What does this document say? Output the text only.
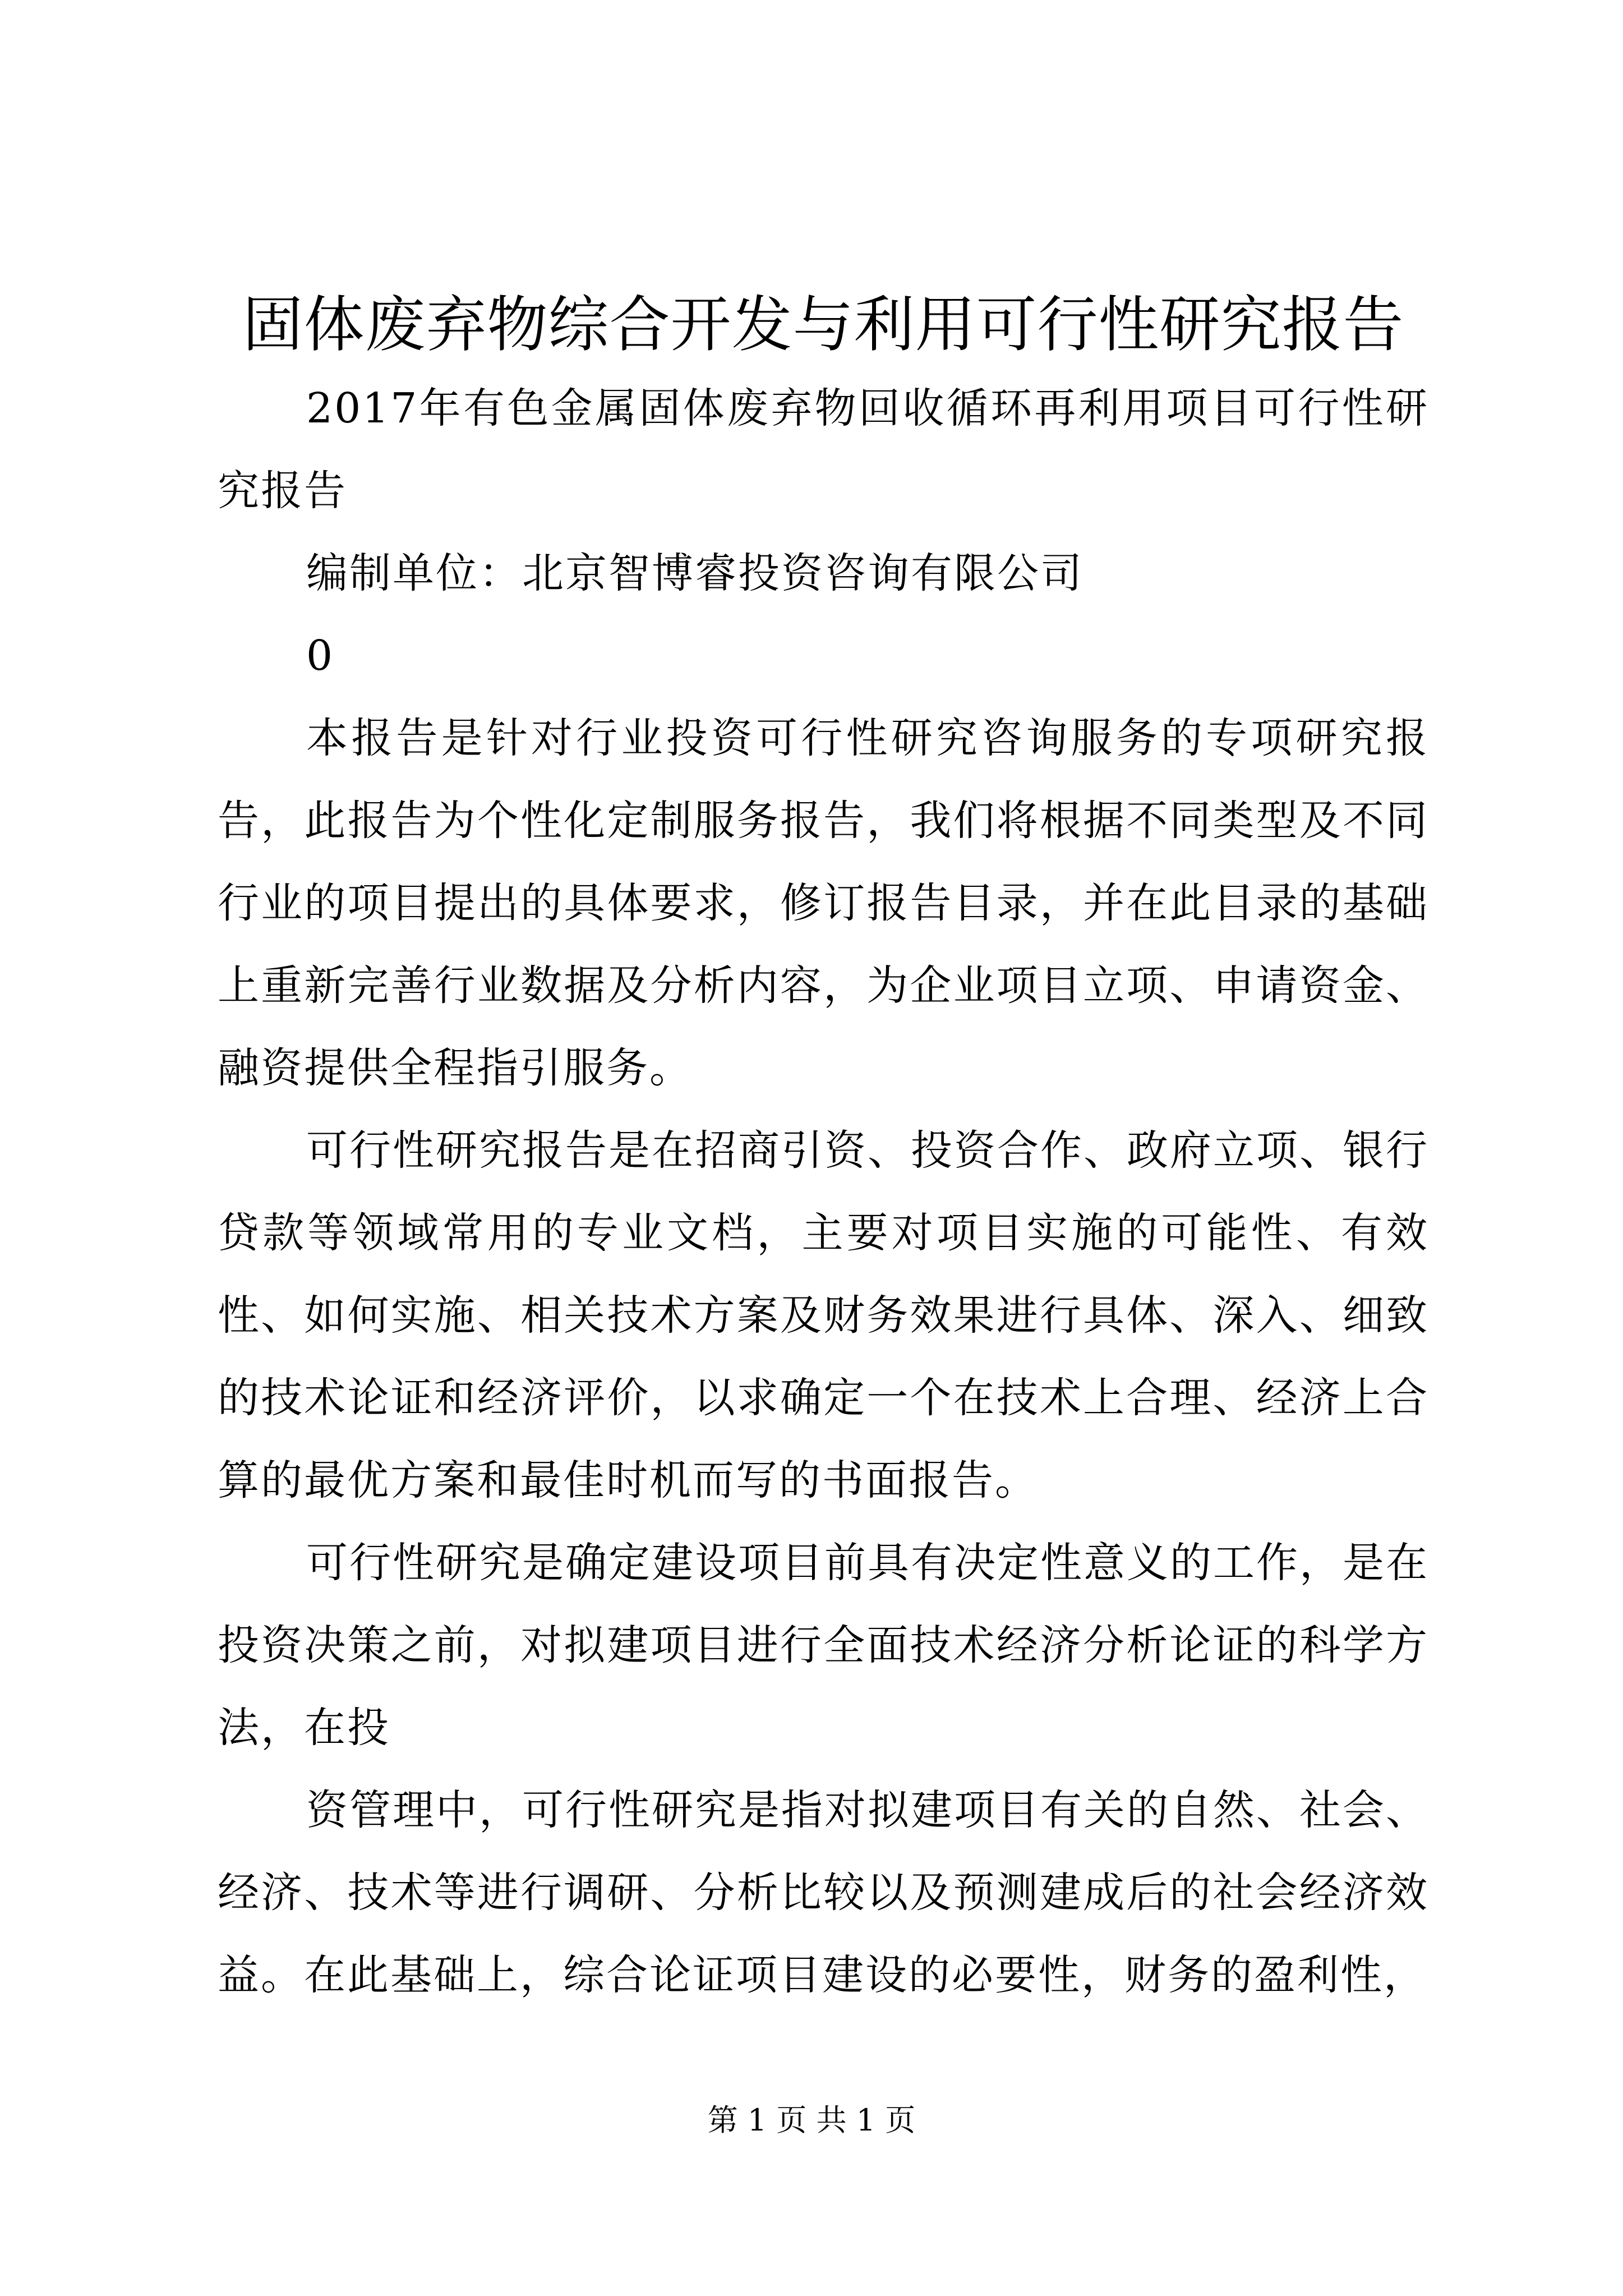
固体废弃物综合开发与利用可行性研究报告

2017年有色金属固体废弃物回收循环再利用项目可行性研究报告

编制单位：北京智博睿投资咨询有限公司

0

本报告是针对行业投资可行性研究咨询服务的专项研究报告，此报告为个性化定制服务报告，我们将根据不同类型及不同行业的项目提出的具体要求，修订报告目录，并在此目录的基础上重新完善行业数据及分析内容，为企业项目立项、申请资金、融资提供全程指引服务。

可行性研究报告是在招商引资、投资合作、政府立项、银行贷款等领域常用的专业文档，主要对项目实施的可能性、有效性、如何实施、相关技术方案及财务效果进行具体、深入、细致的技术论证和经济评价，以求确定一个在技术上合理、经济上合算的最优方案和最佳时机而写的书面报告。

可行性研究是确定建设项目前具有决定性意义的工作，是在投资决策之前，对拟建项目进行全面技术经济分析论证的科学方法，在投

资管理中，可行性研究是指对拟建项目有关的自然、社会、经济、技术等进行调研、分析比较以及预测建成后的社会经济效益。在此基础上，综合论证项目建设的必要性，财务的盈利性，

第 1 页 共 1 页
